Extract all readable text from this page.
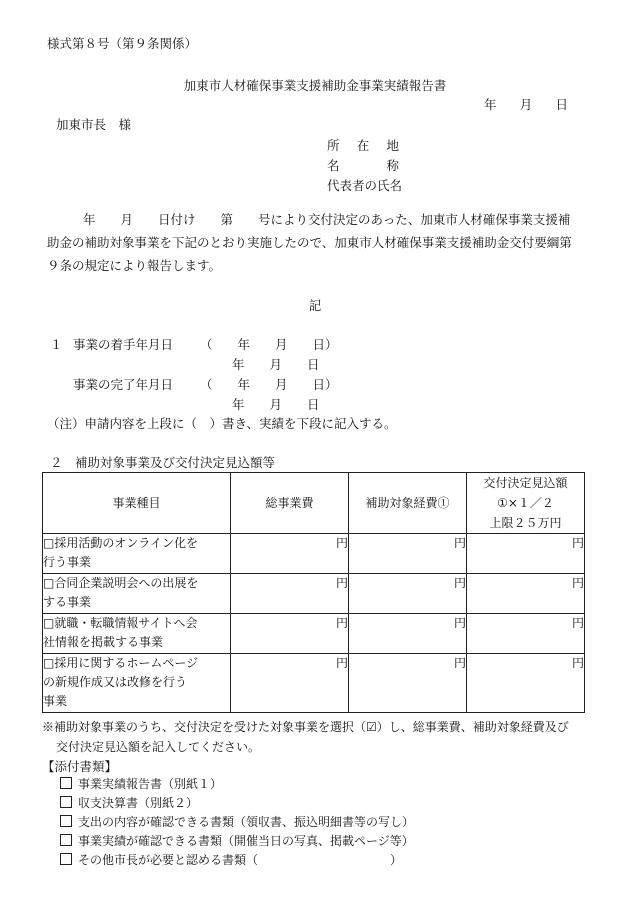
様式第８号（第９条関係）
加東市人材確保事業支援補助金事業実績報告書
年 月 日
加東市長　様
所 在 地
名	称
代表者の氏名
年　　月　　日付け　　第　　号により交付決定のあった、加東市人材確保事業支援補助金の補助対象事業を下記のとおり実施したので、加東市人材確保事業支援補助金交付要綱第９条の規定により報告します。
記
１ 事業の着手年月日 （　　年　　月　　日）
年　　月　　日
事業の完了年月日 （　　年　　月　　日）
年　　月　　日
（注）申請内容を上段に（　）書き、実績を下段に記入する。
２　補助対象事業及び交付決定見込額等
事業種目	総事業費	補助対象経費①	交付決定見込額
①×１／２
上限２５万円

□採用活動のオンライン化を
行う事業	円	円	円

□合同企業説明会への出展を
する事業	円	円	円

□就職・転職情報サイトへ会
社情報を掲載する事業	円	円	円

□採用に関するホームページ
の新規作成又は改修を行う
事業	円	円	円
※補助対象事業のうち、交付決定を受けた対象事業を選択（☑）し、総事業費、補助対象経費及び
交付決定見込額を記入してください。
【添付書類】
事業実績報告書（別紙１）
収支決算書（別紙２）
支出の内容が確認できる書類（領収書、振込明細書等の写し）
事業実績が確認できる書類（開催当日の写真、掲載ページ等）
その他市長が必要と認める書類（　　　　　　　　　　　）
